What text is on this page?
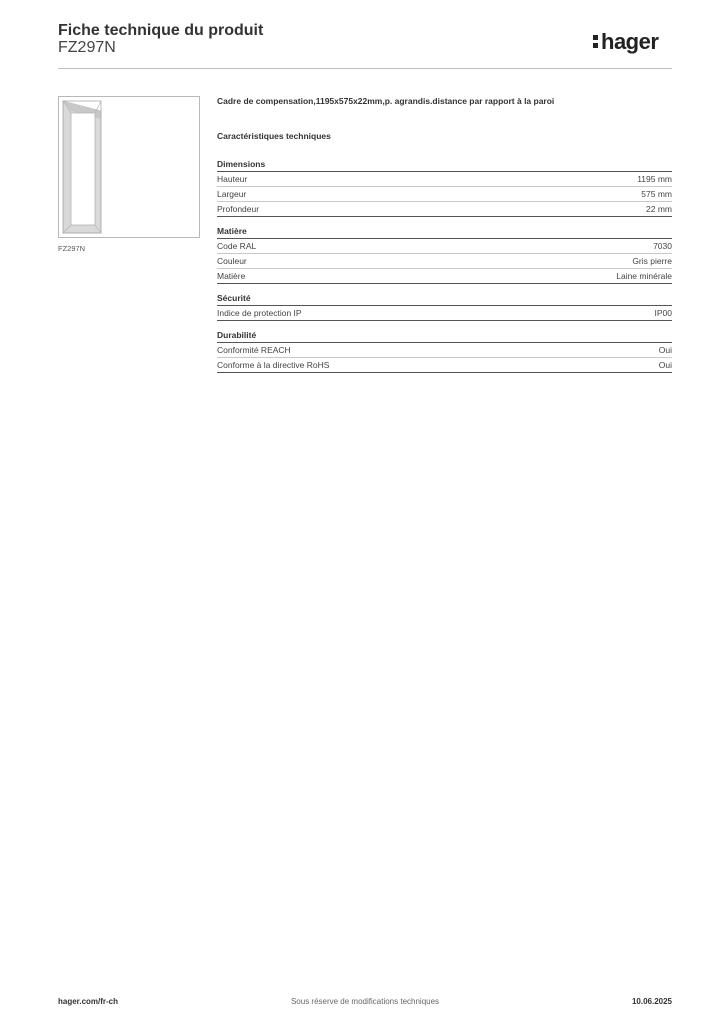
Fiche technique du produit
FZ297N	hager
FZ297N

Cadre de compensation,1195x575x22mm,p. agrandis.distance par rapport à la paroi

Caractéristiques techniques

Dimensions
Hauteur	1195 mm
Largeur	575 mm
Profondeur	22 mm
Matière
Code RAL	7030
Couleur	Gris pierre
Matière	Laine minérale
Sécurité
Indice de protection IP	IP00
Durabilité
Conformité REACH	Oui
Conforme à la directive RoHS	Oui
hager.com/fr-ch	Sous réserve de modifications techniques	10.06.2025
